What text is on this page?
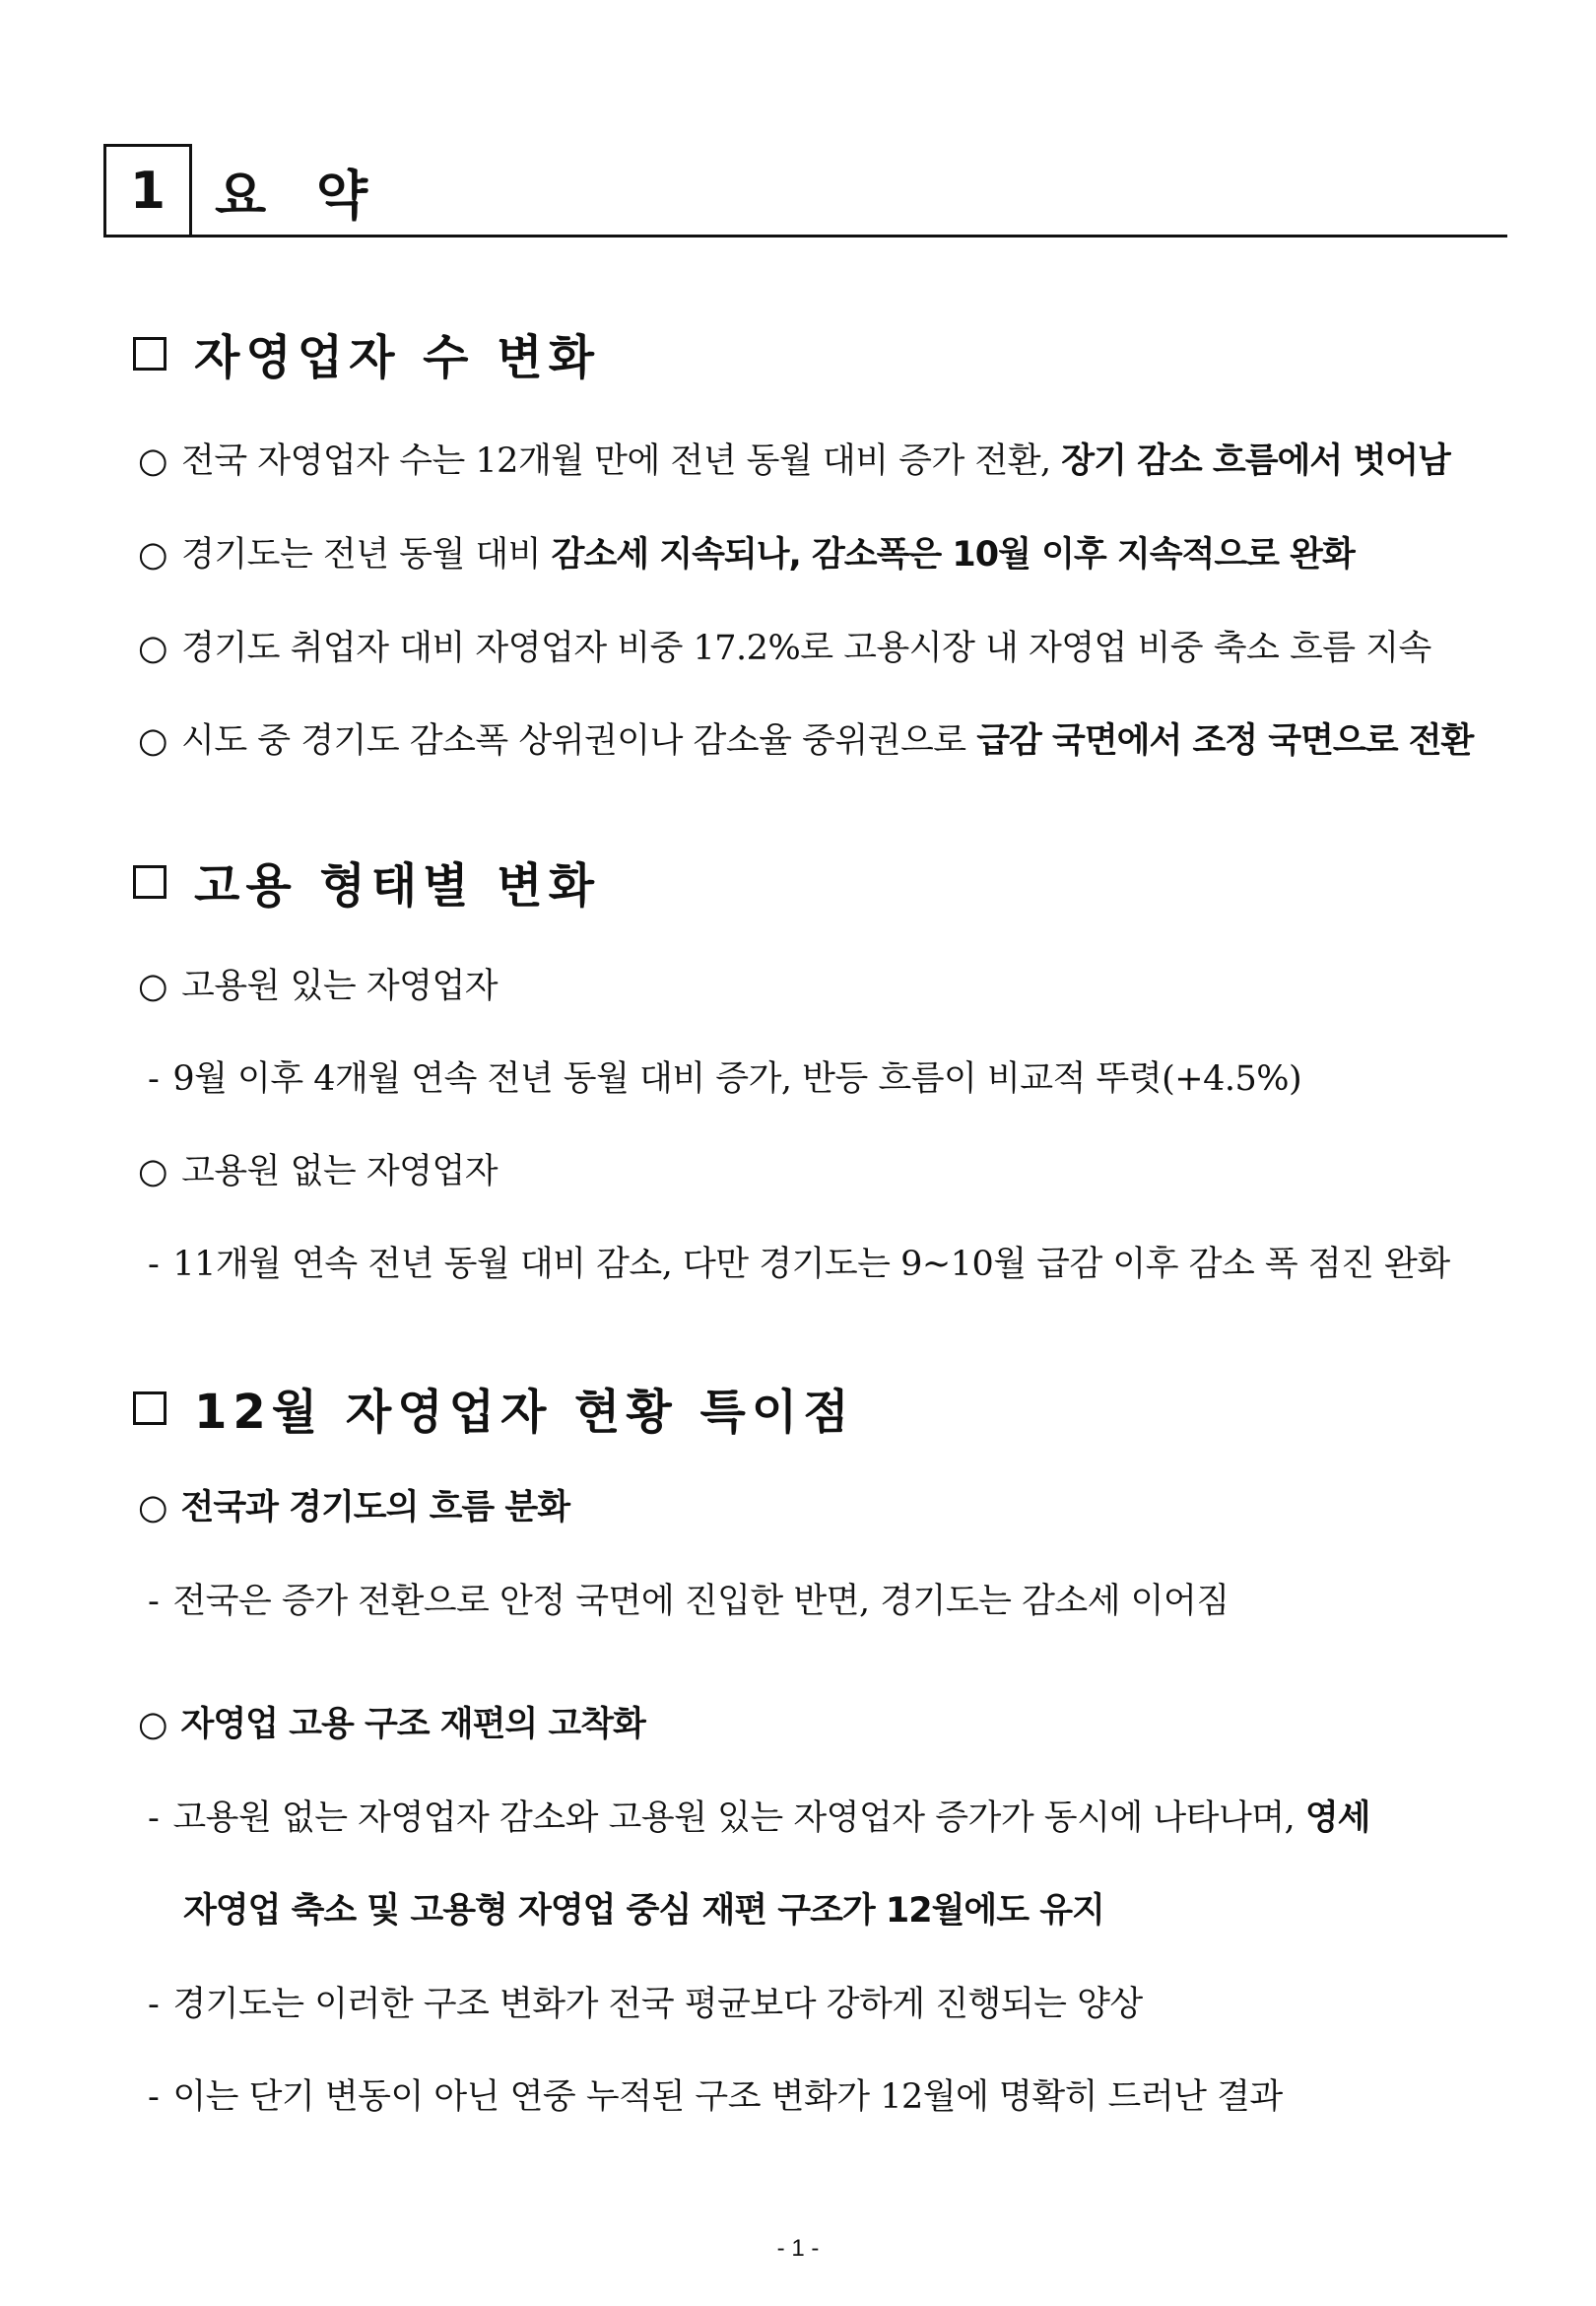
1 요 약
자영업자 수 변화
○ 전국 자영업자 수는 12개월 만에 전년 동월 대비 증가 전환, 장기 감소 흐름에서 벗어남
○ 경기도는 전년 동월 대비 감소세 지속되나, 감소폭은 10월 이후 지속적으로 완화
○ 경기도 취업자 대비 자영업자 비중 17.2%로 고용시장 내 자영업 비중 축소 흐름 지속
○ 시도 중 경기도 감소폭 상위권이나 감소율 중위권으로 급감 국면에서 조정 국면으로 전환
고용 형태별 변화
○ 고용원 있는 자영업자
- 9월 이후 4개월 연속 전년 동월 대비 증가, 반등 흐름이 비교적 뚜렷(+4.5%)
○ 고용원 없는 자영업자
- 11개월 연속 전년 동월 대비 감소, 다만 경기도는 9~10월 급감 이후 감소 폭 점진 완화
12월 자영업자 현황 특이점
○ 전국과 경기도의 흐름 분화
- 전국은 증가 전환으로 안정 국면에 진입한 반면, 경기도는 감소세 이어짐
○ 자영업 고용 구조 재편의 고착화
- 고용원 없는 자영업자 감소와 고용원 있는 자영업자 증가가 동시에 나타나며, 영세
자영업 축소 및 고용형 자영업 중심 재편 구조가 12월에도 유지
- 경기도는 이러한 구조 변화가 전국 평균보다 강하게 진행되는 양상
- 이는 단기 변동이 아닌 연중 누적된 구조 변화가 12월에 명확히 드러난 결과
- 1 -
